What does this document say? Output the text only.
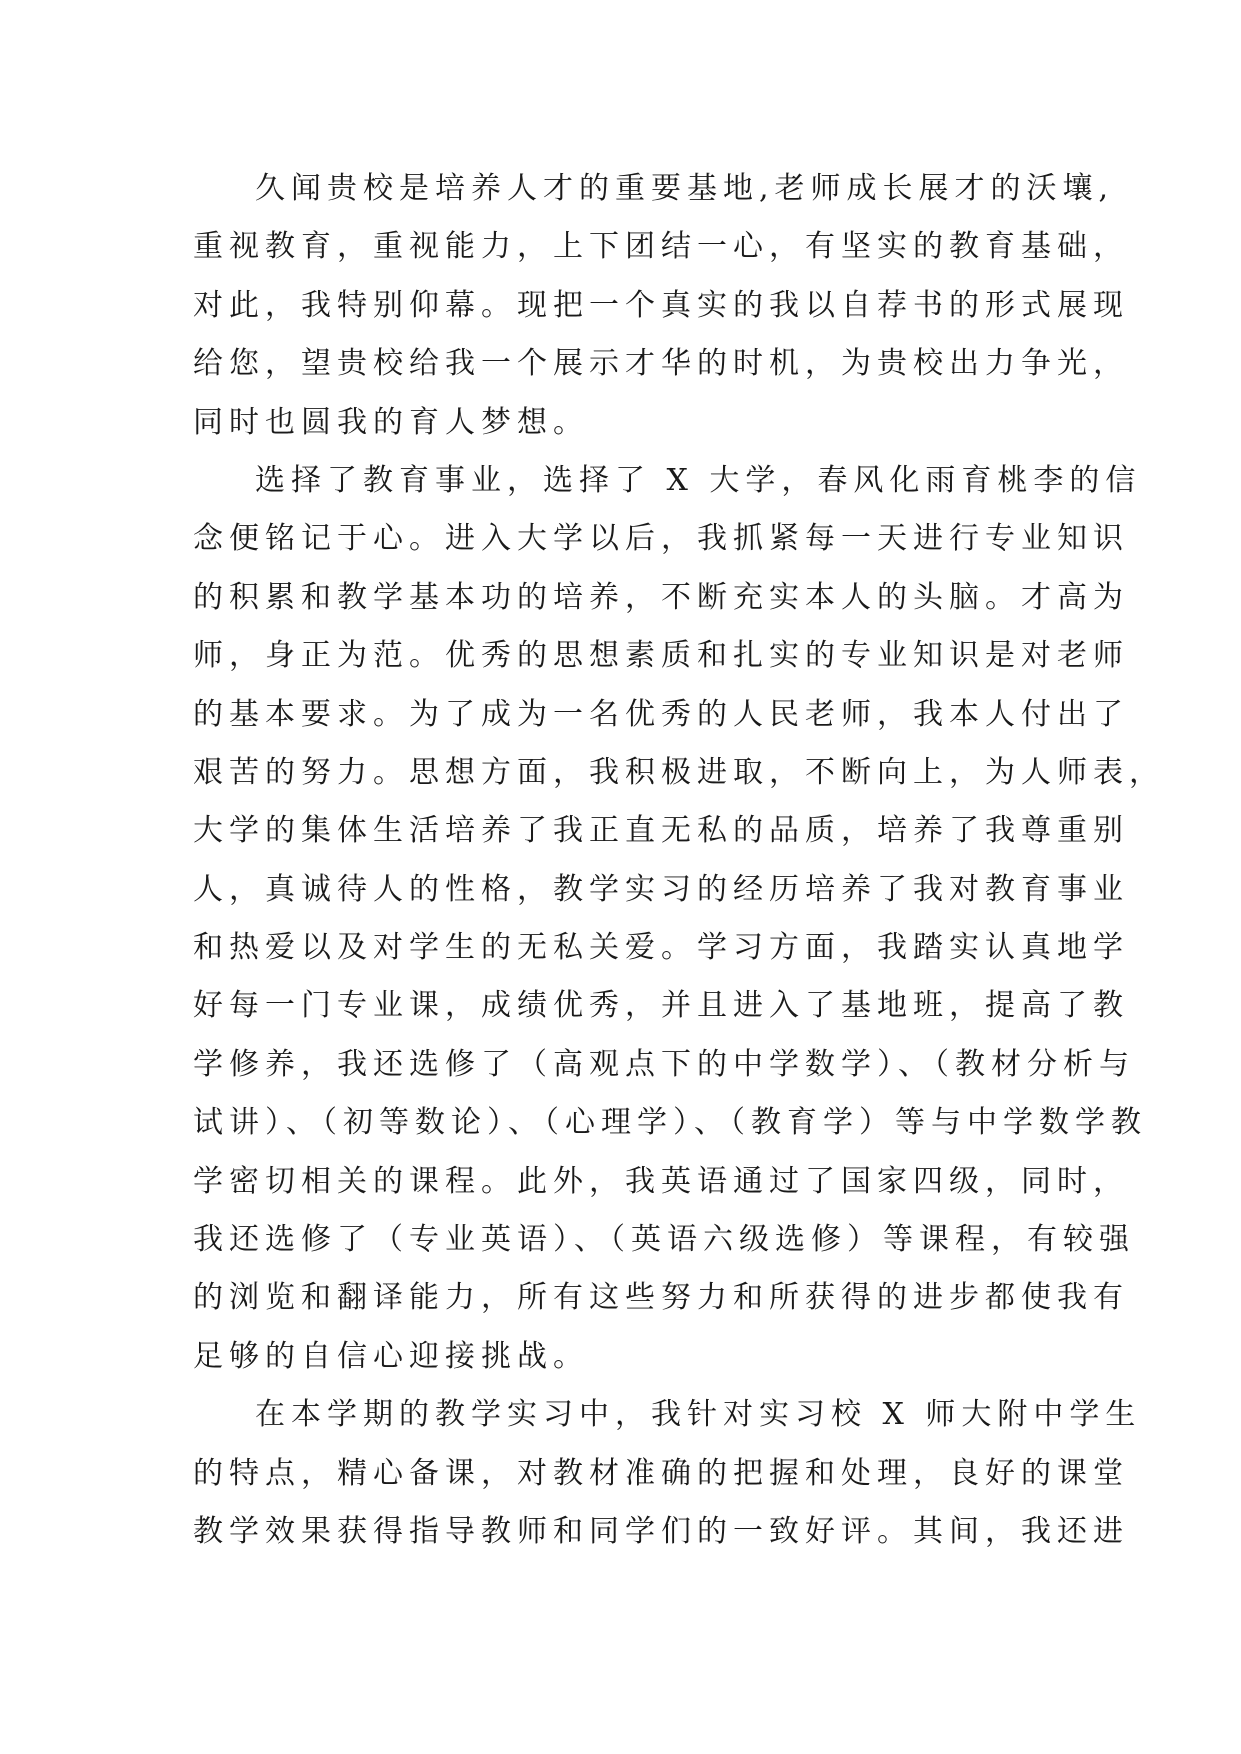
久闻贵校是培养人才的重要基地,老师成长展才的沃壤,
重视教育，重视能力，上下团结一心，有坚实的教育基础，
对此，我特别仰幕。现把一个真实的我以自荐书的形式展现
给您，望贵校给我一个展示才华的时机，为贵校出力争光，
同时也圆我的育人梦想。
选择了教育事业，选择了 X 大学，春风化雨育桃李的信
念便铭记于心。进入大学以后，我抓紧每一天进行专业知识
的积累和教学基本功的培养，不断充实本人的头脑。才高为
师，身正为范。优秀的思想素质和扎实的专业知识是对老师
的基本要求。为了成为一名优秀的人民老师，我本人付出了
艰苦的努力。思想方面，我积极进取，不断向上，为人师表，
大学的集体生活培养了我正直无私的品质，培养了我尊重别
人，真诚待人的性格，教学实习的经历培养了我对教育事业
和热爱以及对学生的无私关爱。学习方面，我踏实认真地学
好每一门专业课，成绩优秀，并且进入了基地班，提高了教
学修养，我还选修了（高观点下的中学数学）、（教材分析与
试讲）、（初等数论）、（心理学）、（教育学）等与中学数学教
学密切相关的课程。此外，我英语通过了国家四级，同时，
我还选修了（专业英语）、（英语六级选修）等课程，有较强
的浏览和翻译能力，所有这些努力和所获得的进步都使我有
足够的自信心迎接挑战。
在本学期的教学实习中，我针对实习校 X 师大附中学生
的特点，精心备课，对教材准确的把握和处理，良好的课堂
教学效果获得指导教师和同学们的一致好评。其间，我还进
